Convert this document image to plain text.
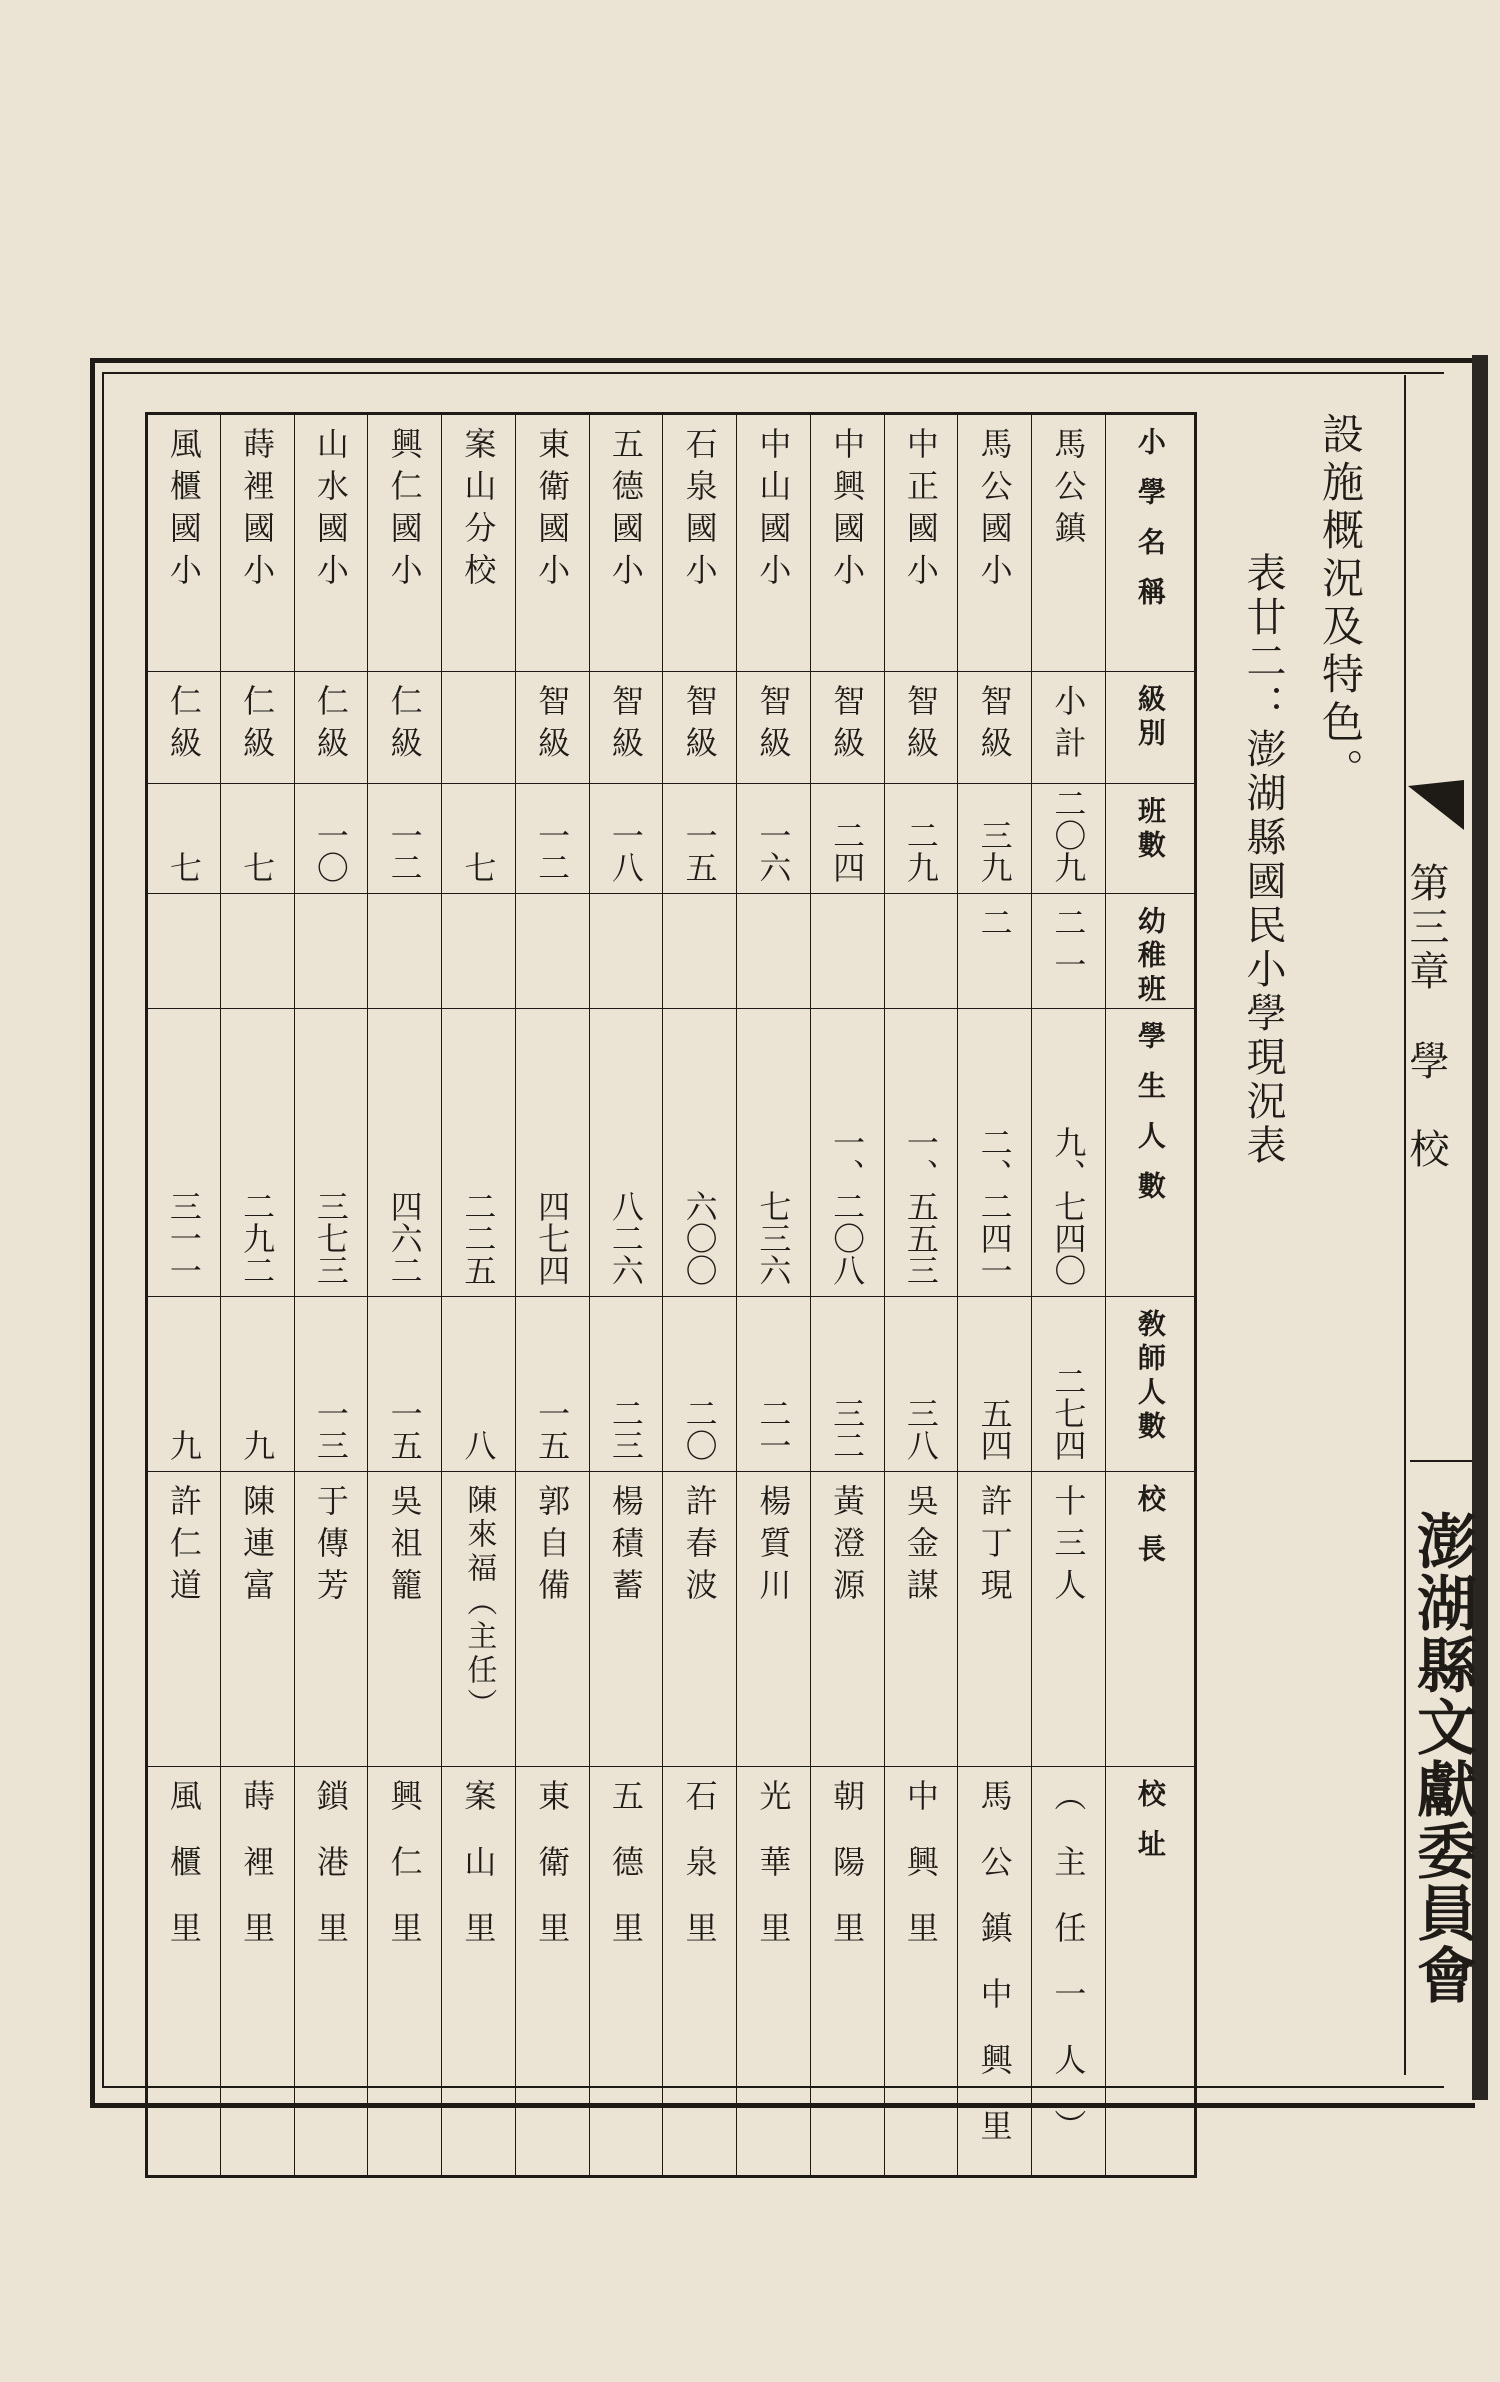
第三章學　校
澎湖縣文獻委員會
設施概況及特色。
表廿二：澎湖縣國民小學現況表
風櫃國小	蒔裡國小	山水國小	興仁國小	案山分校	東衛國小	五德國小	石泉國小	中山國小	中興國小	中正國小	馬公國小	馬公鎮	小學名稱

仁級	仁級	仁級	仁級		智級	智級	智級	智級	智級	智級	智級	小計	級別

七	七	一〇	一二	七	一二	一八	一五	一六	二四	二九	三九	二〇九	班數

											二	二一	幼稚班

三一一	二九二	三七三	四六二	二二五	四七四	八二六	六〇〇	七三六	一、二〇八	一、五五三	二、二四一	九、七四〇	學生人數

九	九	一三	一五	八	一五	二三	二〇	二一	三二	三八	五四	二七四	敎師人數

許仁道	陳連富	于傳芳	吳祖籠	陳來福（主任）	郭自備	楊積蓄	許春波	楊質川	黃澄源	吳金謀	許丁現	十三人	校長

風櫃里	蒔裡里	鎖港里	興仁里	案山里	東衛里	五德里	石泉里	光華里	朝陽里	中興里	馬公鎮中興里	（主任一人）	校址
